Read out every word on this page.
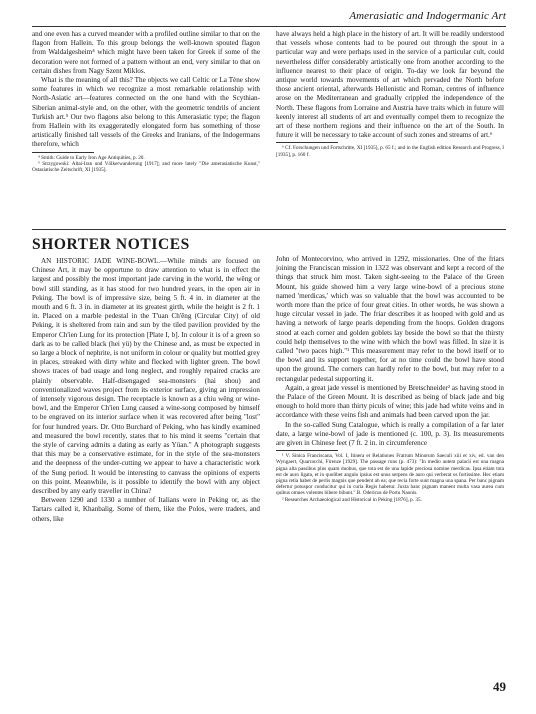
Amerasiatic and Indogermanic Art

and one even has a curved meander with a profiled outline similar to that on the flagon from Hallein. To this group belongs the well-known spouted flagon from Waldalgesheim⁴ which might have been taken for Greek if some of the decoration were not formed of a pattern without an end, very similar to that on certain dishes from Nagy Szent Miklos.

What is the meaning of all this? The objects we call Celtic or La Tène show some features in which we recognize a most remarkable relationship with North-Asiatic art—features connected on the one hand with the Scythian-Siberian animal-style and, on the other, with the geometric tendrils of ancient Turkish art.⁵ Our two flagons also belong to this Amerasiatic type; the flagon from Hallein with its exaggeratedly elongated form has something of those artistically finished tall vessels of the Greeks and Iranians, of the Indogermans therefore, which

⁴ Smith: Guide to Early Iron Age Antiquities, p. 20.

⁵ Strzygowski: Altai-Iran und Völkerwanderung [1917]; and more lately "Die amerasiatische Kunst," Ostasiatische Zeitschrift, XI [1935].

have always held a high place in the history of art. It will be readily understood that vessels whose contents had to be poured out through the spout in a particular way and were perhaps used in the service of a particular cult, could nevertheless differ considerably artistically one from another according to the influence nearest to their place of origin. To-day we look far beyond the antique world towards movements of art which pervaded the North before those ancient oriental, afterwards Hellenistic and Roman, centres of influence arose on the Mediterranean and gradually crippled the independence of the North. These flagons from Lorraine and Austria have traits which in future will keenly interest all students of art and eventually compel them to recognize the art of these northern regions and their influence on the art of the South. In future it will be necessary to take account of such zones and streams of art.⁶

⁶ Cf. Forschungen und Fortschritte, XI [1935], p. 65 f.; and in the English edition Research and Progress, I [1935], p. 160 f.

SHORTER NOTICES

AN HISTORIC JADE WINE-BOWL.—While minds are focused on Chinese Art, it may be opportune to draw attention to what is in effect the largest and possibly the most important jade carving in the world, the wêng or bowl still standing, as it has stood for two hundred years, in the open air in Peking. The bowl is of impressive size, being 5 ft. 4 in. in diameter at the mouth and 6 ft. 3 in. in diameter at its greatest girth, while the height is 2 ft. 1 in. Placed on a marble pedestal in the T'uan Ch'êng (Circular City) of old Peking, it is sheltered from rain and sun by the tiled pavilion provided by the Emperor Ch'ien Lung for its protection [Plate I, b]. In colour it is of a green so dark as to be called black (hei yü) by the Chinese and, as must be expected in so large a block of nephrite, is not uniform in colour or quality but mottled grey in places, streaked with dirty white and flecked with lighter green. The bowl shows traces of bad usage and long neglect, and roughly repaired cracks are plainly observable. Half-disengaged sea-monsters (hai shou) and conventionalized waves project from its exterior surface, giving an impression of intensely vigorous design. The receptacle is known as a chiu wêng or wine-bowl, and the Emperor Ch'ien Lung caused a wine-song composed by himself to be engraved on its interior surface when it was recovered after being "lost" for four hundred years. Dr. Otto Burchard of Peking, who has kindly examined and measured the bowl recently, states that to his mind it seems "certain that the style of carving admits a dating as early as Yüan." A photograph suggests that this may be a conservative estimate, for in the style of the sea-monsters and the deepness of the under-cutting we appear to have a characteristic work of the Sung period. It would be interesting to canvass the opinions of experts on this point. Meanwhile, is it possible to identify the bowl with any object described by any early traveller in China?

Between 1290 and 1330 a number of Italians were in Peking or, as the Tartars called it, Khanbalig. Some of them, like the Polos, were traders, and others, like

John of Montecorvino, who arrived in 1292, missionaries. One of the friars joining the Franciscan mission in 1322 was observant and kept a record of the things that struck him most. Taken sight-seeing to the Palace of the Green Mount, his guide showed him a very large wine-bowl of a precious stone named 'merdicas,' which was so valuable that the bowl was accounted to be worth more than the price of four great cities. In other words, he was shown a huge circular vessel in jade. The friar describes it as hooped with gold and as having a network of large pearls depending from the hoops. Golden dragons stood at each corner and golden goblets lay beside the bowl so that the thirsty could help themselves to the wine with which the bowl was filled. In size it is called "two paces high."¹ This measurement may refer to the bowl itself or to the bowl and its support together, for at no time could the bowl have stood upon the ground. The corners can hardly refer to the bowl, but may refer to a rectangular pedestal supporting it.

Again, a great jade vessel is mentioned by Bretschneider² as having stood in the Palace of the Green Mount. It is described as being of black jade and big enough to hold more than thirty piculs of wine; this jade had white veins and in accordance with these veins fish and animals had been carved upon the jar.

In the so-called Sung Catalogue, which is really a compilation of a far later date, a large wine-bowl of jade is mentioned (c. 100, p. 3). Its measurements are given in Chinese feet (7 ft. 2 in. in circumference

¹ V. Sinica Franciscana, Vol. I, Itinera et Relationes Fratrum Minorum Saeculi xiii et xiv, ed. van den Wyngaert, Quarracchi, Firenze [1929]. The passage runs (p. 473): "In medio autem palacii est una magna pigna alta passibus plus quam duobus, que tota est de una lapide preciosa nomine merdicas. Ipsa etiam tota est de auro ligata, et in quolibet angulo ipsius est unus serpens de auro qui verberat os fortissime. Hec etiam pigna retia habet de perlis magnis que pendent ab ea; que recia forte sunt magna una spana. Per banc pignam defertur potuspor conducitur qui in curia Regis habetur. Juxta hanc pignam manent multa vasa aurea cum quibus omnes volentes bibere bibunt." B. Odericus de Portu Naonis.

² Researches Archaeological and Historical in Peking [1876], p. 35.

49
